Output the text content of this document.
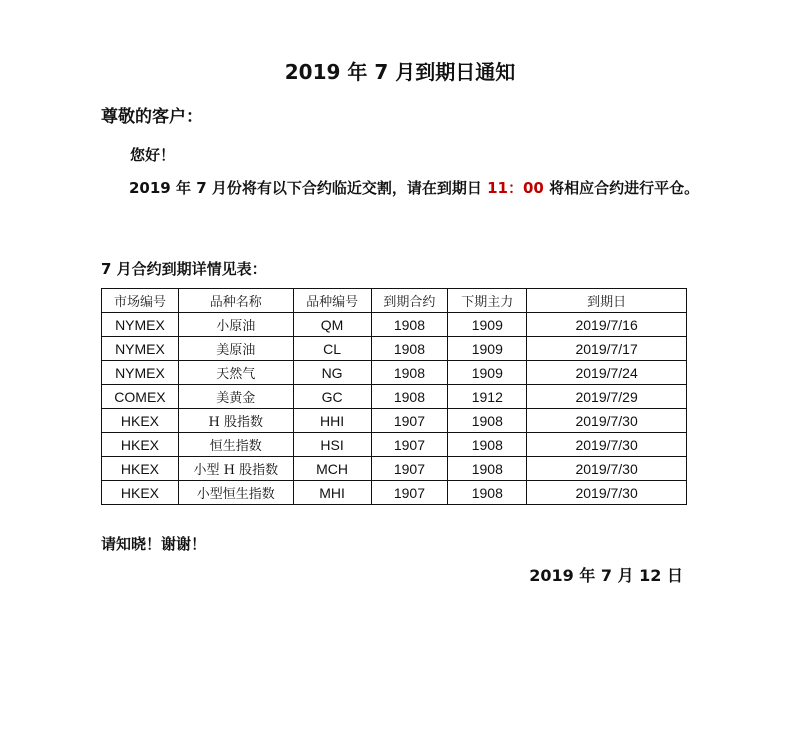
2019 年 7 月到期日通知
尊敬的客户：
您好！
2019 年 7 月份将有以下合约临近交割，请在到期日 11：00 将相应合约进行平仓。
7 月合约到期详情见表：
市场编号	品种名称	品种编号	到期合约	下期主力	到期日
NYMEX	小原油	QM	1908	1909	2019/7/16
NYMEX	美原油	CL	1908	1909	2019/7/17
NYMEX	天然气	NG	1908	1909	2019/7/24
COMEX	美黄金	GC	1908	1912	2019/7/29
HKEX	H 股指数	HHI	1907	1908	2019/7/30
HKEX	恒生指数	HSI	1907	1908	2019/7/30
HKEX	小型 H 股指数	MCH	1907	1908	2019/7/30
HKEX	小型恒生指数	MHI	1907	1908	2019/7/30
请知晓！谢谢！
2019 年 7 月 12 日
